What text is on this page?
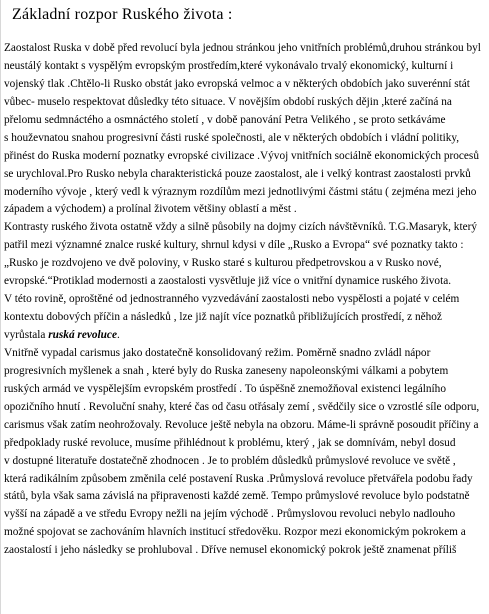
Základní rozpor Ruského života :
Zaostalost Ruska v době před revolucí byla jednou stránkou jeho vnitřních problémů,druhou stránkou byl
neustálý kontakt s vyspělým evropským prostředím,které vykonávalo trvalý ekonomický, kulturní i
vojenský tlak .Chtělo-li Rusko obstát jako evropská velmoc a v některých obdobích jako suverénní stát
vůbec- muselo respektovat důsledky této situace. V novějším období ruských dějin ,které začíná na
přelomu sedmnáctého a osmnáctého století , v době panování Petra Velikého , se proto setkáváme
s houževnatou snahou progresivní části ruské společnosti, ale v některých obdobích i vládní politiky,
přinést do Ruska moderní poznatky evropské civilizace .Vývoj vnitřních sociálně ekonomických procesů
se urychloval.Pro Rusko nebyla charakteristická pouze zaostalost, ale i velký kontrast zaostalosti prvků
moderního vývoje , který vedl k výraznym rozdílům mezi jednotlivými částmi státu ( zejména mezi jeho
západem a východem) a prolínal životem většiny oblastí a měst .
Kontrasty ruského života ostatně vždy a silně působily na dojmy cizích návštěvníků. T.G.Masaryk, který
patřil mezi významné znalce ruské kultury, shrnul kdysi v díle „Rusko a Evropa“ své poznatky takto :
„Rusko je rozdvojeno ve dvě poloviny, v Rusko staré s kulturou předpetrovskou a v Rusko nové,
evropské.“Protiklad modernosti a zaostalosti vysvětluje již více o vnitřní dynamice ruského života.
V této rovině, oproštěné od jednostranného vyzvedávání zaostalosti nebo vyspělosti a pojaté v celém
kontextu dobových příčin a následků , lze již najít více poznatků přibližujících prostředí, z něhož
vyrůstala ruská revoluce.
Vnitřně vypadal carismus jako dostatečně konsolidovaný režim. Poměrně snadno zvládl nápor
progresivních myšlenek a snah , které byly do Ruska zaneseny napoleonskými válkami a pobytem
ruských armád ve vyspělejším evropském prostředí . To úspěšně znemožňoval existenci legálního
opozičního hnutí . Revoluční snahy, které čas od času otřásaly zemí , svědčily sice o vzrostlé síle odporu,
carismus však zatím neohrožovaly. Revoluce ještě nebyla na obzoru. Máme-li správně posoudit příčiny a
předpoklady ruské revoluce, musíme přihlédnout k problému, který , jak se domnívám, nebyl dosud
v dostupné literatuře dostatečně zhodnocen . Je to problém důsledků průmyslové revoluce ve světě ,
která radikálním způsobem změnila celé postavení Ruska .Průmyslová revoluce přetvářela podobu řady
států, byla však sama závislá na připravenosti každé země. Tempo průmyslové revoluce bylo podstatně
vyšší na západě a ve středu Evropy nežli na jejím východě . Průmyslovou revoluci nebylo nadlouho
možné spojovat se zachováním hlavních institucí středověku. Rozpor mezi ekonomickým pokrokem a
zaostalostí i jeho následky se prohluboval . Dříve nemusel ekonomický pokrok ještě znamenat příliš
